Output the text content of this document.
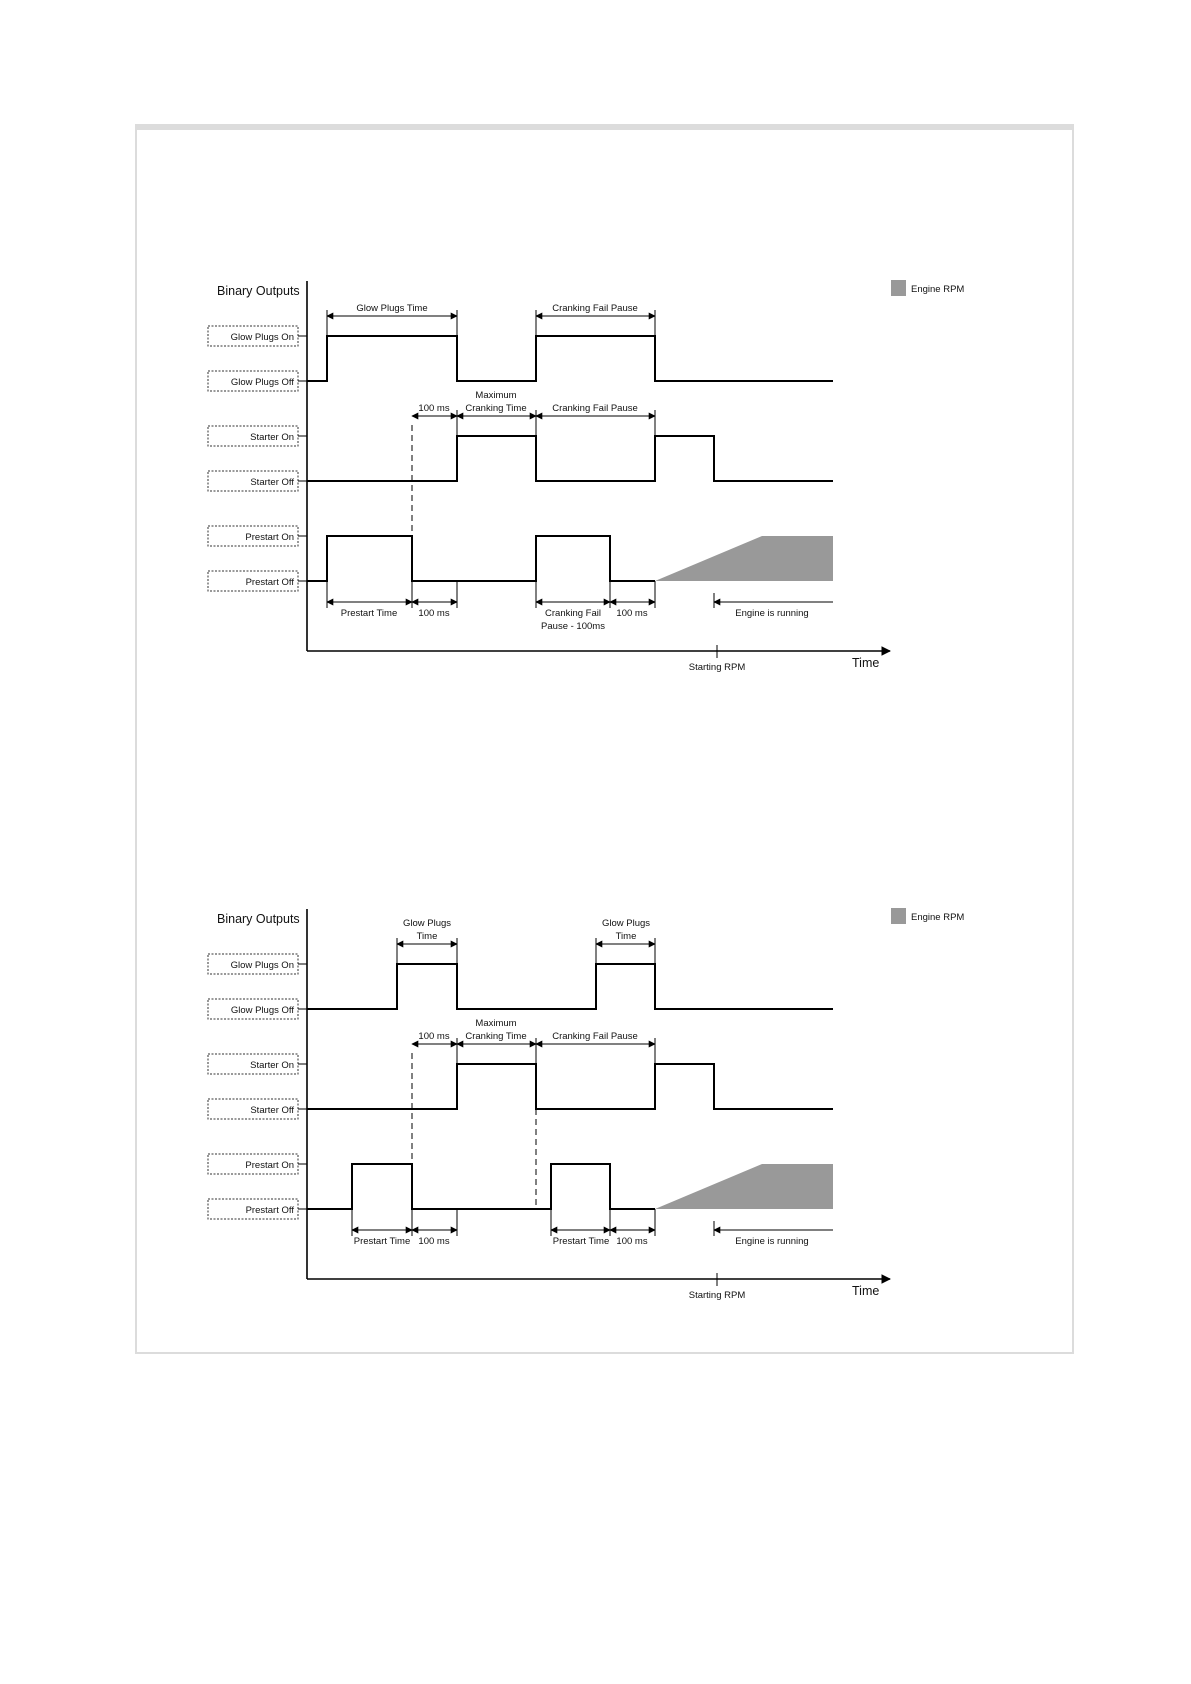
Binary Outputs
Time
Starting RPM
Engine RPM
Glow Plugs On
Glow Plugs Off
Starter On
Starter Off
Prestart On
Prestart Off
Glow Plugs Time	Cranking Fail Pause
100 ms
Maximum
Cranking Time	Cranking Fail Pause
Prestart Time 100 ms	Cranking Fail
Pause - 100ms
100 ms	Engine is running
Binary Outputs
Time
Starting RPM
Engine RPM
Glow Plugs On
Glow Plugs Off
Starter On
Starter Off
Prestart On
Prestart Off
Glow Plugs
Time
Glow Plugs
Time
100 ms
Maximum
Cranking Time	Cranking Fail Pause
Prestart Time 100 ms	Prestart Time 100 ms	Engine is running
